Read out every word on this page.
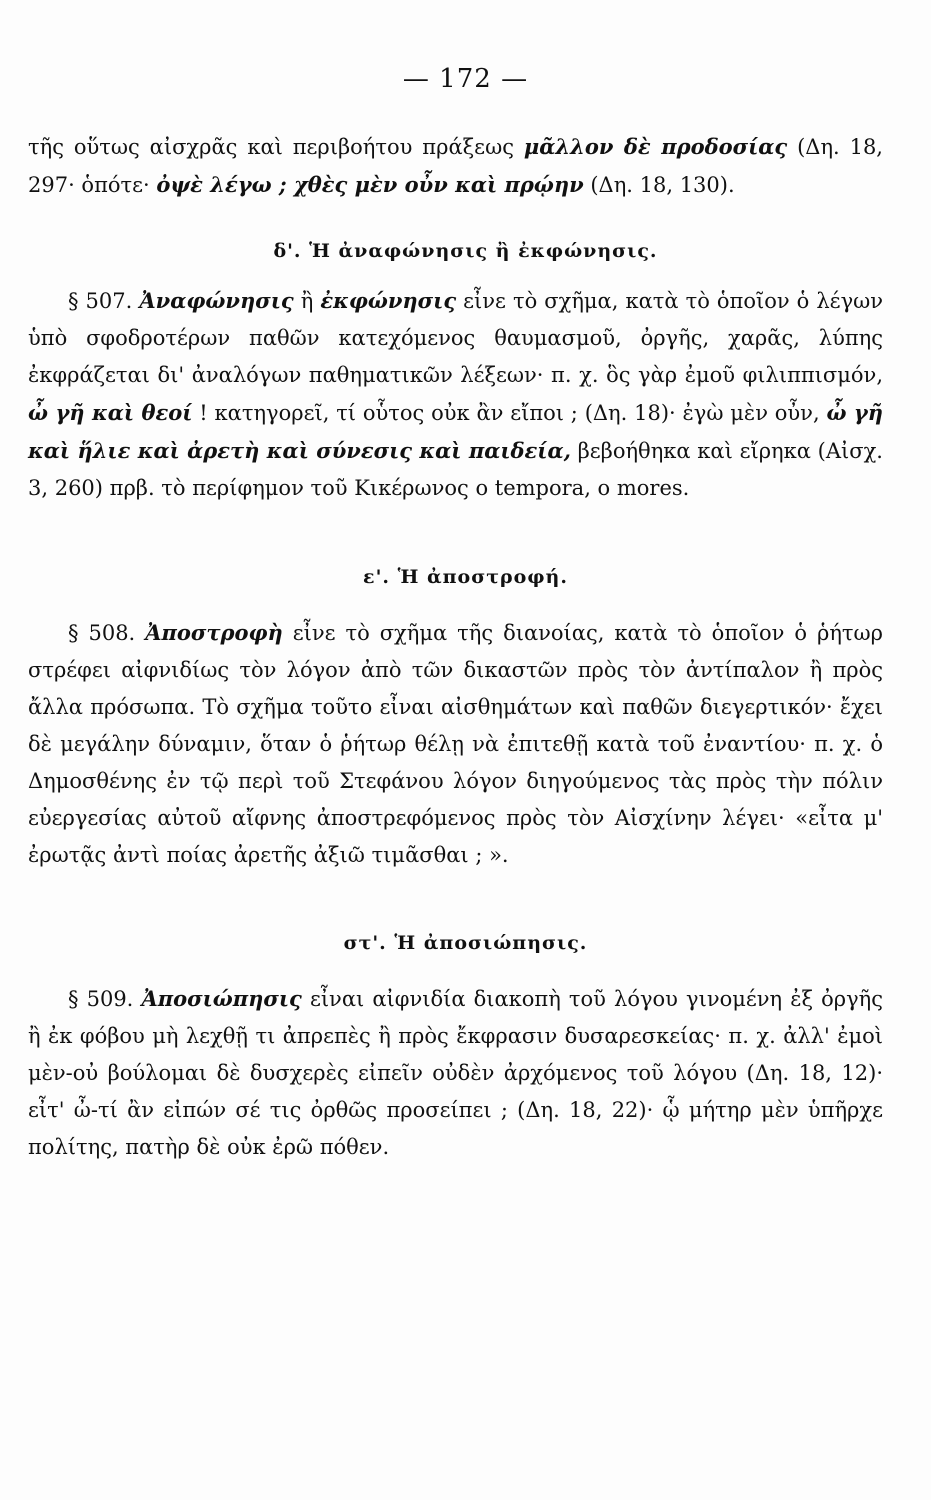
— 172 —
τῆς οὕτως αἰσχρᾶς καὶ περιβοήτου πράξεως μᾶλλον δὲ προδοσίας (Δη. 18, 297· ὁπότε· ὀψὲ λέγω ; χθὲς μὲν οὖν καὶ πρῴην (Δη. 18, 130).
δ'. Ἡ ἀναφώνησις ἢ ἐκφώνησις.
§ 507. Ἀναφώνησις ἢ ἐκφώνησις εἶνε τὸ σχῆμα, κατὰ τὸ ὁποῖον ὁ λέγων ὑπὸ σφοδροτέρων παθῶν κατεχόμενος θαυμασμοῦ, ὀργῆς, χαρᾶς, λύπης ἐκφράζεται δι' ἀναλόγων παθηματικῶν λέξεων· π. χ. ὃς γὰρ ἐμοῦ φιλιππισμόν, ὦ γῆ καὶ θεοί ! κατηγορεῖ, τί οὗτος οὐκ ἂν εἴποι ; (Δη. 18)· ἐγὼ μὲν οὖν, ὦ γῆ καὶ ἥλιε καὶ ἀρετὴ καὶ σύνεσις καὶ παιδεία, βεβοήθηκα καὶ εἴρηκα (Αἰσχ. 3, 260) πρβ. τὸ περίφημον τοῦ Κικέρωνος o tempora, o mores.
ε'. Ἡ ἀποστροφή.
§ 508. Ἀποστροφὴ εἶνε τὸ σχῆμα τῆς διανοίας, κατὰ τὸ ὁποῖον ὁ ῥήτωρ στρέφει αἰφνιδίως τὸν λόγον ἀπὸ τῶν δικαστῶν πρὸς τὸν ἀντίπαλον ἢ πρὸς ἄλλα πρόσωπα. Τὸ σχῆμα τοῦτο εἶναι αἰσθημάτων καὶ παθῶν διεγερτικόν· ἔχει δὲ μεγάλην δύναμιν, ὅταν ὁ ῥήτωρ θέλῃ νὰ ἐπιτεθῇ κατὰ τοῦ ἐναντίου· π. χ. ὁ Δημοσθένης ἐν τῷ περὶ τοῦ Στεφάνου λόγον διηγούμενος τὰς πρὸς τὴν πόλιν εὐεργεσίας αὐτοῦ αἴφνης ἀποστρεφόμενος πρὸς τὸν Αἰσχίνην λέγει· «εἶτα μ' ἐρωτᾷς ἀντὶ ποίας ἀρετῆς ἀξιῶ τιμᾶσθαι ; ».
στ'. Ἡ ἀποσιώπησις.
§ 509. Ἀποσιώπησις εἶναι αἰφνιδία διακοπὴ τοῦ λόγου γινομένη ἐξ ὀργῆς ἢ ἐκ φόβου μὴ λεχθῇ τι ἀπρεπὲς ἢ πρὸς ἔκφρασιν δυσαρεσκείας· π. χ. ἀλλ' ἐμοὶ μὲν-οὐ βούλομαι δὲ δυσχερὲς εἰπεῖν οὐδὲν ἀρχόμενος τοῦ λόγου (Δη. 18, 12)· εἶτ' ὦ-τί ἂν εἰπών σέ τις ὀρθῶς προσείπει ; (Δη. 18, 22)· ᾧ μήτηρ μὲν ὑπῆρχε πολίτης, πατὴρ δὲ οὐκ ἐρῶ πόθεν.
